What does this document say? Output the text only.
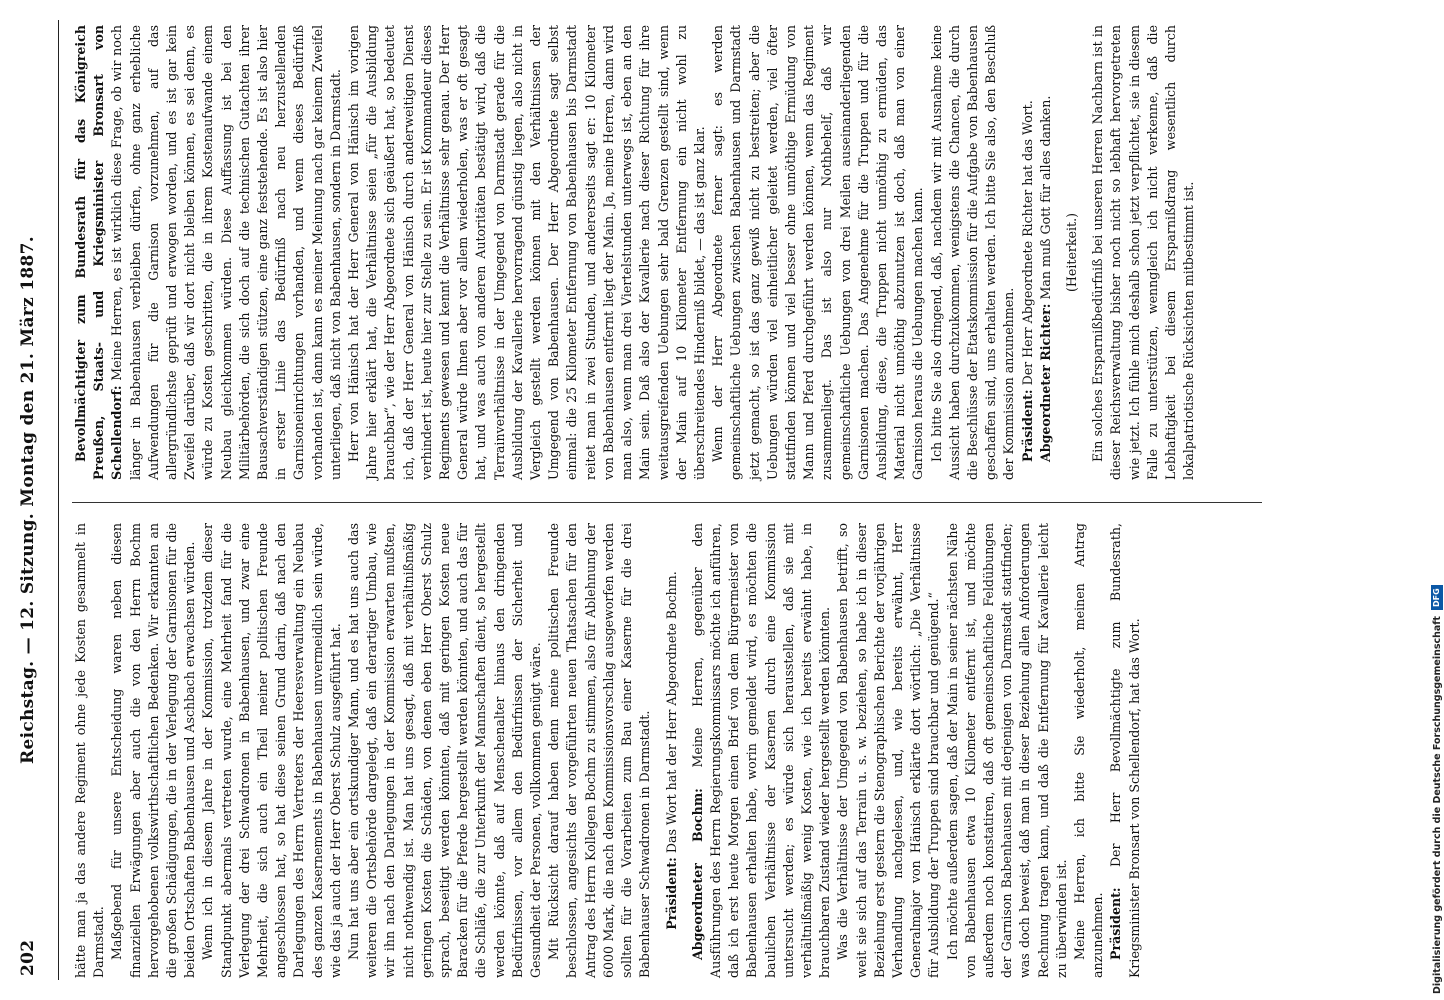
202
Reichstag. — 12. Sitzung. Montag den 21. März 1887.	hätte man ja das andere Regiment ohne jede Kosten gesammelt in Darmstadt. Maßgebend für unsere Entscheidung waren neben diesen finanziellen Erwägungen aber auch die von den Herrn Bochm hervorgehobenen volkswirthschaftlichen Bedenken. Wir erkannten an die großen Schädigungen, die in der Verlegung der Garnisonen für die beiden Ortschaften Babenhausen und Aschbach erwachsen würden. Wenn ich in diesem Jahre in der Kommission, trotzdem dieser Standpunkt abermals vertreten wurde, eine Mehrheit fand für die Verlegung der drei Schwadronen in Babenhausen, und zwar eine Mehrheit, die sich auch ein Theil meiner politischen Freunde angeschlossen hat, so hat diese seinen Grund darin, daß nach den Darlegungen des Herrn Vertreters der Heeresverwaltung ein Neubau des ganzen Kasernements in Babenhausen unvermeidlich sein würde, wie das ja auch der Herr Oberst Schulz ausgeführt hat. Nun hat uns aber ein ortskundiger Mann, und es hat uns auch das weiteren die Ortsbehörde dargelegt, daß ein derartiger Umbau, wie wir ihn nach den Darlegungen in der Kommission erwarten mußten, nicht nothwendig ist. Man hat uns gesagt, daß mit verhältnißmäßig geringen Kosten die Schäden, von denen eben Herr Oberst Schulz sprach, beseitigt werden könnten, daß mit geringen Kosten neue Baracken für die Pferde hergestellt werden könnten, und auch das für die Schläfe, die zur Unterkunft der Mannschaften dient, so hergestellt werden könnte, daß auf Menschenalter hinaus den dringenden Bedürfnissen, vor allem den Bedürfnissen der Sicherheit und Gesundheit der Personen, vollkommen genügt wäre. Mit Rücksicht darauf haben denn meine politischen Freunde beschlossen, angesichts der vorgeführten neuen Thatsachen für den Antrag des Herrn Kollegen Bochm zu stimmen, also für Ablehnung der 6000 Mark, die nach dem Kommissionsvorschlag ausgeworfen werden sollten für die Vorarbeiten zum Bau einer Kaserne für die drei Babenhauser Schwadronen in Darmstadt. Präsident: Das Wort hat der Herr Abgeordnete Bochm.

Abgeordneter Bochm: Meine Herren, gegenüber den Ausführungen des Herrn Regierungskommissars möchte ich anführen, daß ich erst heute Morgen einen Brief von dem Bürgermeister von Babenhausen erhalten habe, worin gemeldet wird, es möchten die baulichen Verhältnisse der Kasernen durch eine Kommission untersucht werden; es würde sich herausstellen, daß sie mit verhältnißmäßig wenig Kosten, wie ich bereits erwähnt habe, in brauchbaren Zustand wieder hergestellt werden könnten. Was die Verhältnisse der Umgegend von Babenhausen betrifft, so weit sie sich auf das Terrain u. s. w. beziehen, so habe ich in dieser Beziehung erst gestern die Stenographischen Berichte der vorjährigen Verhandlung nachgelesen, und, wie bereits erwähnt, Herr Generalmajor von Hänisch erklärte dort wörtlich: „Die Verhältnisse für Ausbildung der Truppen sind brauchbar und genügend.“ Ich möchte außerdem sagen, daß der Main in seiner nächsten Nähe von Babenhausen etwa 10 Kilometer entfernt ist, und möchte außerdem noch konstatiren, daß oft gemeinschaftliche Feldübungen der Garnison Babenhausen mit derjenigen von Darmstadt stattfinden; was doch beweist, daß man in dieser Beziehung allen Anforderungen Rechnung tragen kann, und daß die Entfernung für Kavallerie leicht zu überwinden ist. Meine Herren, ich bitte Sie wiederholt, meinen Antrag anzunehmen. Präsident: Der Herr Bevollmächtigte zum Bundesrath, Kriegsminister Bronsart von Schellendorf, hat das Wort.

Bevollmächtigter zum Bundesrath für das Königreich Preußen, Staats- und Kriegsminister Bronsart von Schellendorf: Meine Herren, es ist wirklich diese Frage, ob wir noch länger in Babenhausen verbleiben dürfen, ohne ganz erhebliche Aufwendungen für die Garnison vorzunehmen, auf das allergründlichste geprüft und erwogen worden, und es ist gar kein Zweifel darüber, daß wir dort nicht bleiben können, es sei denn, es würde zu Kosten geschritten, die in ihrem Kostenaufwande einem Neubau gleichkommen würden. Diese Auffassung ist bei den Militärbehörden, die sich doch auf die technischen Gutachten ihrer Bausachverständigen stützen, eine ganz feststehende. Es ist also hier in erster Linie das Bedürfniß nach neu herzustellenden Garnisoneinrichtungen vorhanden, und wenn dieses Bedürfniß vorhanden ist, dann kann es meiner Meinung nach gar keinem Zweifel unterliegen, daß nicht von Babenhausen, sondern in Darmstadt. Herr von Hänisch hat der Herr General von Hänisch im vorigen Jahre hier erklärt hat, die Verhältnisse seien „für die Ausbildung brauchbar“, wie der Herr Abgeordnete sich geäußert hat, so bedeutet ich, daß der Herr General von Hänisch durch anderweitigen Dienst verhindert ist, heute hier zur Stelle zu sein. Er ist Kommandeur dieses Regiments gewesen und kennt die Verhältnisse sehr genau. Der Herr General würde Ihnen aber vor allem wiederholen, was er oft gesagt hat, und was auch von anderen Autoritäten bestätigt wird, daß die Terrainverhältnisse in der Umgegend von Darmstadt gerade für die Ausbildung der Kavallerie hervorragend günstig liegen, also nicht in Vergleich gestellt werden können mit den Verhältnissen der Umgegend von Babenhausen. Der Herr Abgeordnete sagt selbst einmal: die 25 Kilometer Entfernung von Babenhausen bis Darmstadt reitet man in zwei Stunden, und andererseits sagt er: 10 Kilometer von Babenhausen entfernt liegt der Main. Ja, meine Herren, dann wird man also, wenn man drei Viertelstunden unterwegs ist, eben an den Main sein. Daß also der Kavallerie nach dieser Richtung für ihre weitausgreifenden Uebungen sehr bald Grenzen gestellt sind, wenn der Main auf 10 Kilometer Entfernung ein nicht wohl zu überschreitendes Hinderniß bildet, — das ist ganz klar. Wenn der Herr Abgeordnete ferner sagt: es werden gemeinschaftliche Uebungen zwischen Babenhausen und Darmstadt jetzt gemacht, so ist das ganz gewiß nicht zu bestreiten; aber die Uebungen würden viel einheitlicher geleitet werden, viel öfter stattfinden können und viel besser ohne unnöthige Ermüdung von Mann und Pferd durchgeführt werden können, wenn das Regiment zusammenliegt. Das ist also nur Nothbehelf, daß wir gemeinschaftliche Uebungen von drei Meilen auseinanderliegenden Garnisonen machen. Das Angenehme für die Truppen und für die Ausbildung, diese, die Truppen nicht unnöthig zu ermüden, das Material nicht unnöthig abzunutzen ist doch, daß man von einer Garnison heraus die Uebungen machen kann. Ich bitte Sie also dringend, daß, nachdem wir mit Ausnahme keine Aussicht haben durchzukommen, wenigstens die Chancen, die durch die Beschlüsse der Etatskommission für die Aufgabe von Babenhausen geschaffen sind, uns erhalten werden. Ich bitte Sie also, den Beschluß der Kommission anzunehmen. Präsident: Der Herr Abgeordnete Richter hat das Wort. Abgeordneter Richter: Man muß Gott für alles danken. (Heiterkeit.) Ein solches Ersparnißbedürfniß bei unseren Herren Nachbarn ist in dieser Reichsverwaltung bisher noch nicht so lebhaft hervorgetreten wie jetzt. Ich fühle mich deshalb schon jetzt verpflichtet, sie in diesem Falle zu unterstützen, wenngleich ich nicht verkenne, daß die Lebhaftigkeit bei diesem Ersparnißdrang wesentlich durch lokalpatriotische Rücksichten mitbestimmt ist.

Digitalisierung gefördert durch die Deutsche Forschungsgemeinschaft
DFG
